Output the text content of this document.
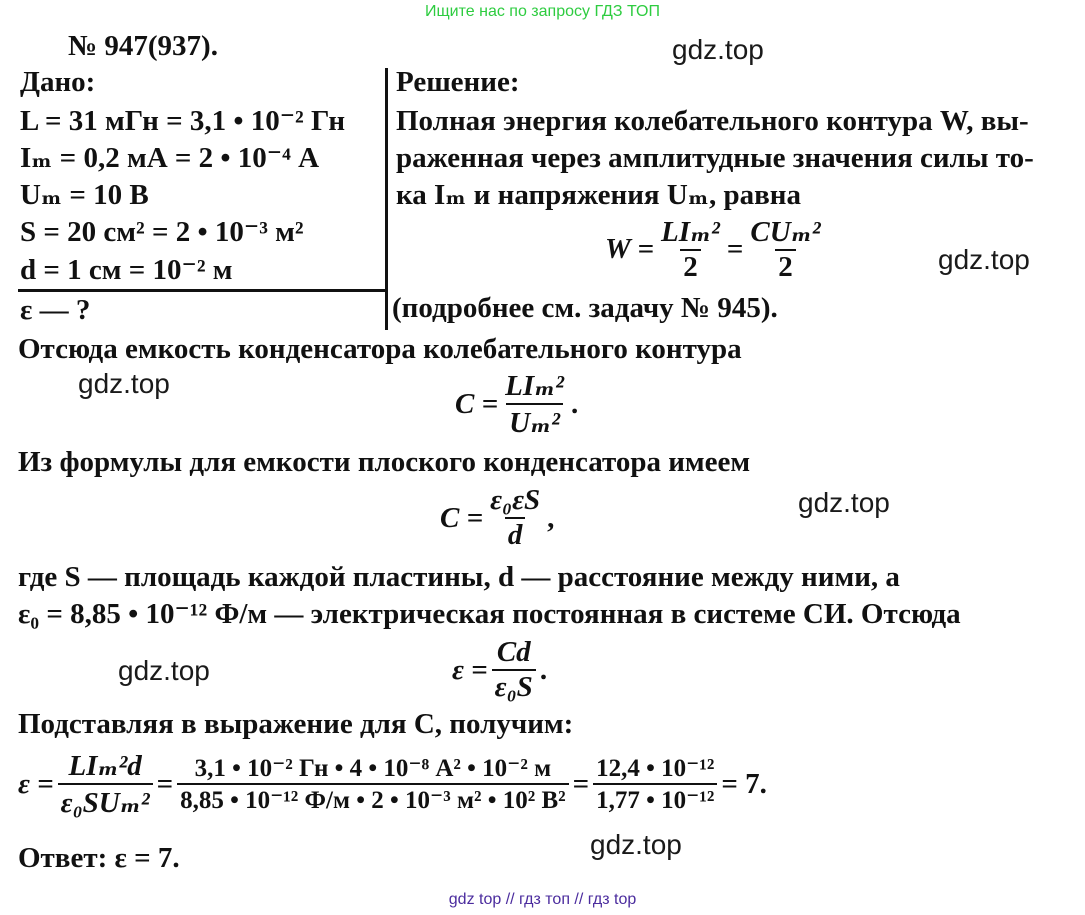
Ищите нас по запросу ГДЗ ТОП
№ 947(937).	gdz.top
gdz.top
gdz.top
gdz.top
gdz.top
gdz.top
Дано:
L = 31 мГн = 3,1 • 10⁻² Гн
Iₘ = 0,2 мА = 2 • 10⁻⁴ А
Uₘ = 10 В
S = 20 см² = 2 • 10⁻³ м²
d = 1 см = 10⁻² м
ε — ?
Решение:
Полная энергия колебательного контура W, вы-
раженная через амплитудные значения силы то-
ка Iₘ и напряжения Uₘ, равна
$W = \frac{\text{LIₘ²}}{2} = \frac{\text{CUₘ²}}{2}$
(подробнее см. задачу № 945).
Отсюда емкость конденсатора колебательного контура
$C = \frac{\text{LIₘ²}}{\text{Uₘ²}}$ .
Из формулы для емкости плоского конденсатора имеем
$C = \frac{\text{ε₀εS}}{d}$ ,
где S — площадь каждой пластины, d — расстояние между ними, а
ε₀ = 8,85 • 10⁻¹² Ф/м — электрическая постоянная в системе СИ. Отсюда
$\varepsilon = \frac{Cd}{\text{ε₀S}}$ .
Подставляя в выражение для C, получим:
$\varepsilon = \frac{\text{LIₘ²d}}{\text{ε₀SUₘ²}} = \frac{\text{3,1 • 10⁻² Гн • 4 • 10⁻⁸ А² • 10⁻² м}}{\text{8,85 • 10⁻¹² Ф/м • 2 • 10⁻³ м² • 10² В²}} = \frac{\text{12,4 • 10⁻¹²}}{\text{1,77 • 10⁻¹²}} = 7$.
Ответ: ε = 7.
gdz top // гдз топ // гдз top
